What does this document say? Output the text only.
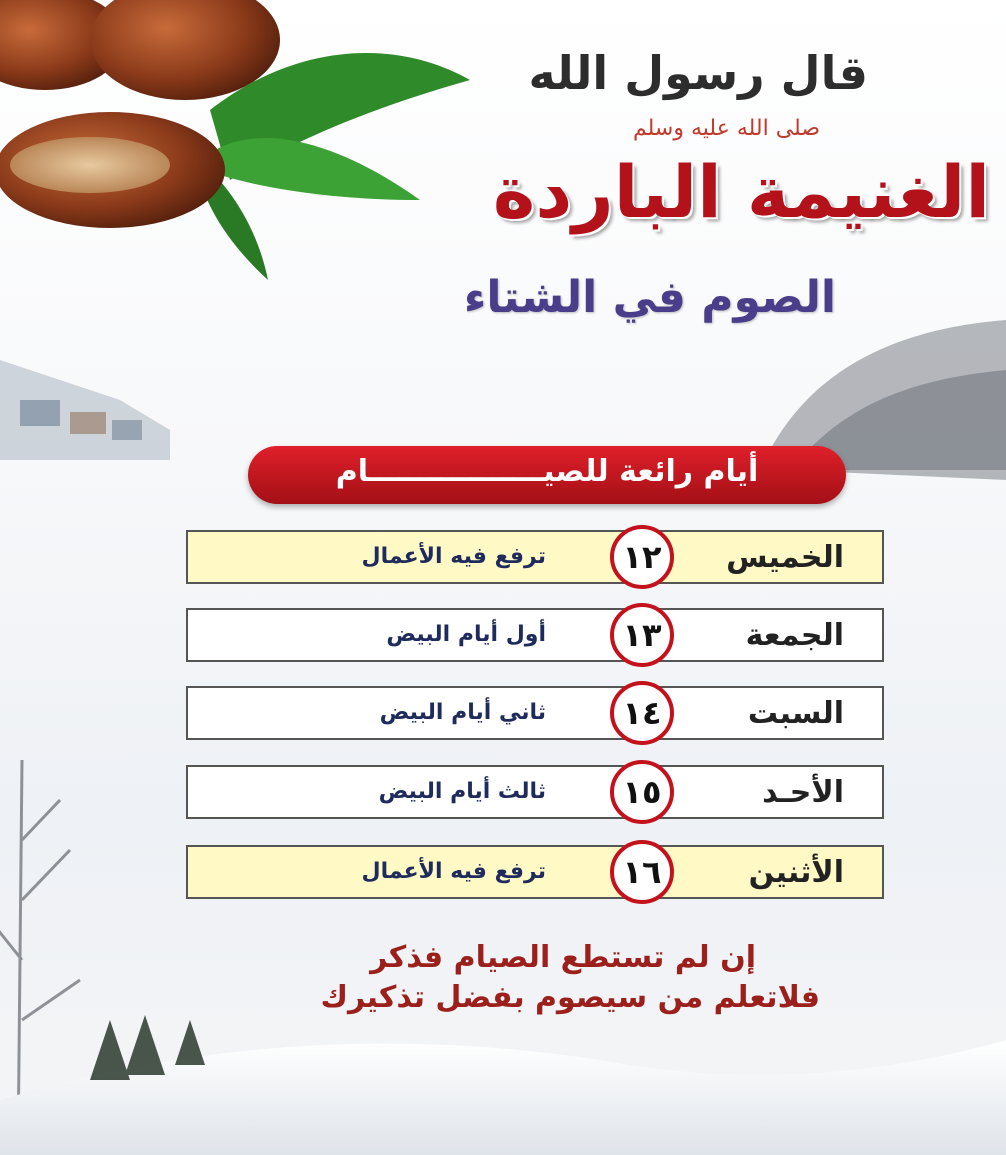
قال رسول الله
صلى الله عليه وسلم
الغنيمة الباردة
الصوم في الشتاء
أيام رائعة للصيـــــــــــــــــام
الخميس
١٢
ترفع فيه الأعمال
الجمعة
١٣
أول أيام البيض
السبت
١٤
ثاني أيام البيض
الأحـد
١٥
ثالث أيام البيض
الأثنين
١٦
ترفع فيه الأعمال
إن لم تستطع الصيام فذكر
فلاتعلم من سيصوم بفضل تذكيرك
